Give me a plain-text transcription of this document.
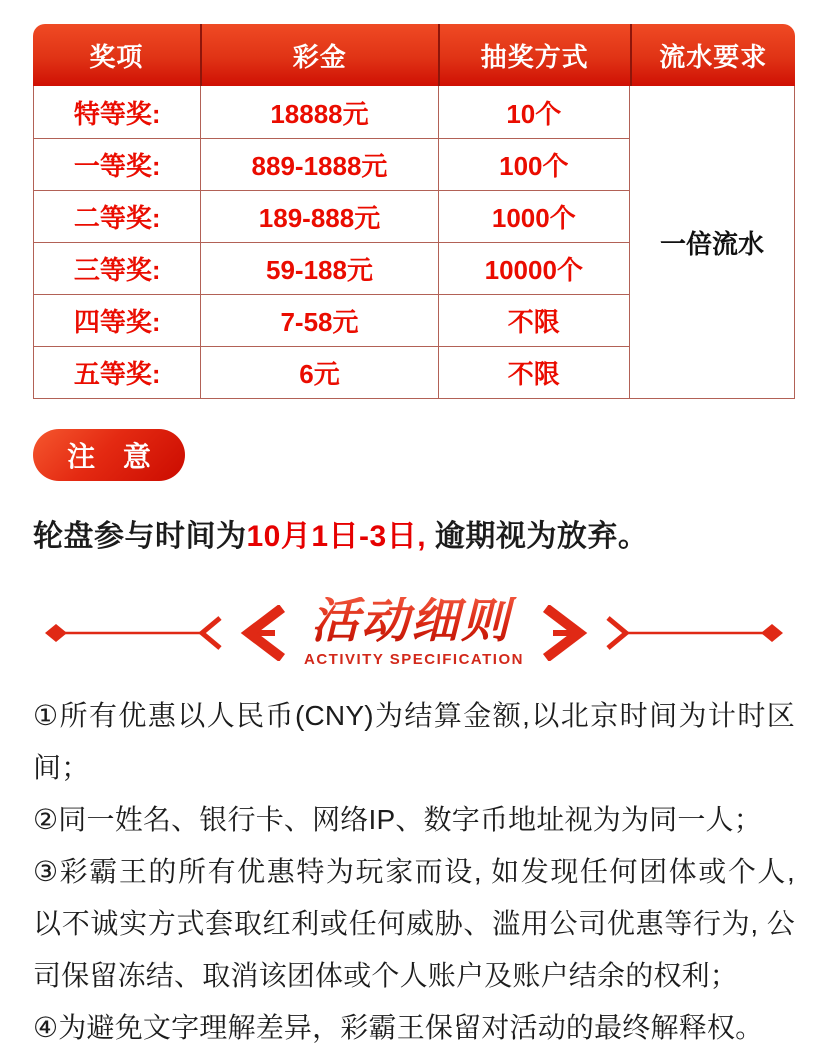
奖项	彩金	抽奖方式	流水要求
一倍流水
特等奖:	18888元	10个
一等奖:	889-1888元	100个
二等奖:	189-888元	1000个
三等奖:	59-188元	10000个
四等奖:	7-58元	不限
五等奖:	6元	不限
注 意
轮盘参与时间为10月1日-3日, 逾期视为放弃。
活动细则
ACTIVITY SPECIFICATION

①所有优惠以人民币(CNY)为结算金额,以北京时间为计时区间；

②同一姓名、银行卡、网络IP、数字币地址视为为同一人；

③彩霸王的所有优惠特为玩家而设, 如发现任何团体或个人, 以不诚实方式套取红利或任何威胁、滥用公司优惠等行为, 公司保留冻结、取消该团体或个人账户及账户结余的权利；

④为避免文字理解差异，彩霸王保留对活动的最终解释权。
